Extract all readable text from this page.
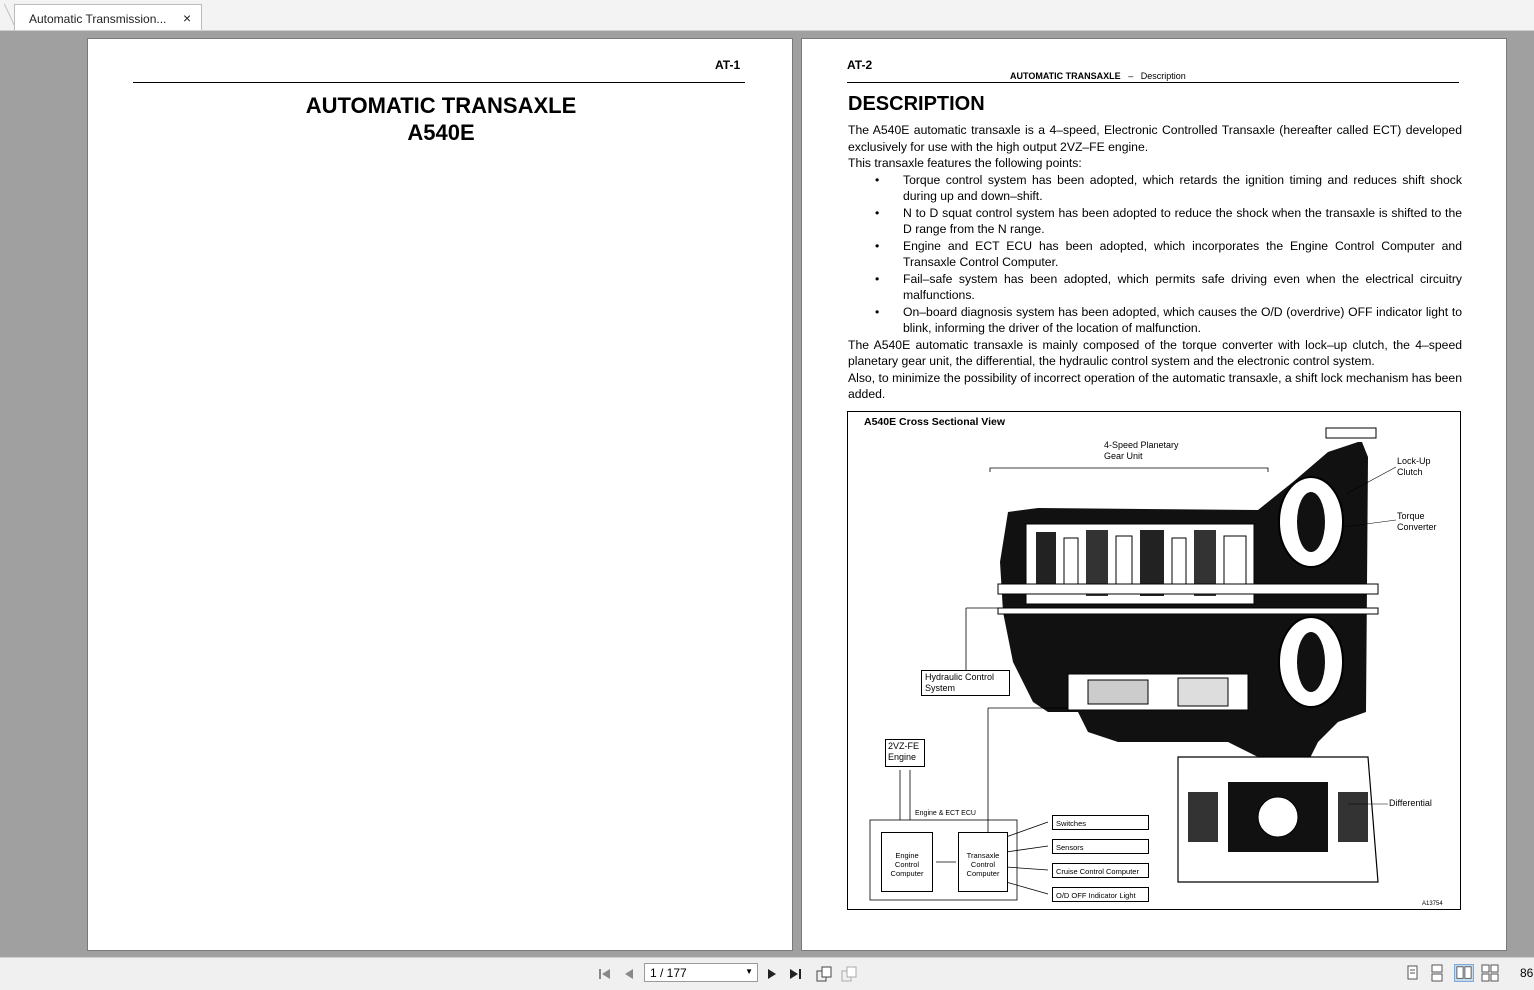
Automatic Transmission... ×
AT-1
AUTOMATIC TRANSAXLE
A540E
AT-2
AUTOMATIC TRANSAXLE – Description
DESCRIPTION

The A540E automatic transaxle is a 4–speed, Electronic Controlled Transaxle (hereafter called ECT) developed exclusively for use with the high output 2VZ–FE engine.

This transaxle features the following points:

• Torque control system has been adopted, which retards the ignition timing and reduces shift shock during up and down–shift.
• N to D squat control system has been adopted to reduce the shock when the transaxle is shifted to the D range from the N range.
• Engine and ECT ECU has been adopted, which incorporates the Engine Control Computer and Transaxle Control Computer.
• Fail–safe system has been adopted, which permits safe driving even when the electrical circuitry malfunctions.
• On–board diagnosis system has been adopted, which causes the O/D (overdrive) OFF indicator light to blink, informing the driver of the location of malfunction.

The A540E automatic transaxle is mainly composed of the torque converter with lock–up clutch, the 4–speed planetary gear unit, the differential, the hydraulic control system and the electronic control system.

Also, to minimize the possibility of incorrect operation of the automatic transaxle, a shift lock mechanism has been added.

A540E Cross Sectional View
4-Speed Planetary
Gear Unit	Lock-Up
Clutch
Torque
Converter
Hydraulic Control
System
2VZ-FE
Engine
Differential
Engine & ECT ECU
Engine
Control
Computer
Transaxle
Control
Computer
Switches
Sensors
Cruise Control Computer
O/D OFF Indicator Light
A13754
1 / 177	▼	86
